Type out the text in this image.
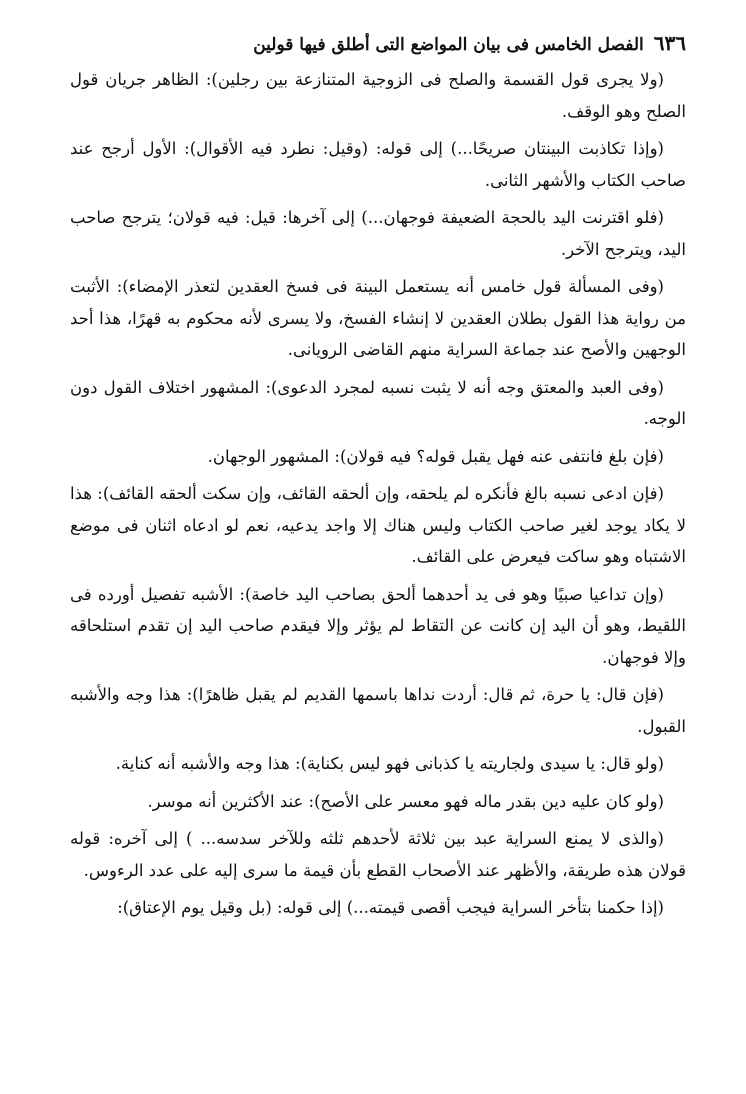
٦٣٦
الفصل الخامس فى بيان المواضع التى أطلق فيها قولين

(ولا يجرى قول القسمة والصلح فى الزوجية المتنازعة بين رجلين): الظاهر جريان قول الصلح وهو الوقف.

(وإذا تكاذبت البينتان صريحًا...) إلى قوله: (وقيل: نطرد فيه الأقوال): الأول أرجح عند صاحب الكتاب والأشهر الثانى.

(فلو اقترنت اليد بالحجة الضعيفة فوجهان...) إلى آخرها: قيل: فيه قولان؛ يترجح صاحب اليد، ويترجح الآخر.

(وفى المسألة قول خامس أنه يستعمل البينة فى فسخ العقدين لتعذر الإمضاء): الأثبت من رواية هذا القول بطلان العقدين لا إنشاء الفسخ، ولا يسرى لأنه محكوم به قهرًا، هذا أحد الوجهين والأصح عند جماعة السراية منهم القاضى الرويانى.

(وفى العبد والمعتق وجه أنه لا يثبت نسبه لمجرد الدعوى): المشهور اختلاف القول دون الوجه.

(فإن بلغ فانتفى عنه فهل يقبل قوله؟ فيه قولان): المشهور الوجهان.

(فإن ادعى نسبه بالغ فأنكره لم يلحقه، وإن ألحقه القائف، وإن سكت ألحقه القائف): هذا لا يكاد يوجد لغير صاحب الكتاب وليس هناك إلا واجد يدعيه، نعم لو ادعاه اثنان فى موضع الاشتباه وهو ساكت فيعرض على القائف.

(وإن تداعيا صبيًا وهو فى يد أحدهما ألحق بصاحب اليد خاصة): الأشبه تفصيل أورده فى اللقيط، وهو أن اليد إن كانت عن التقاط لم يؤثر وإلا فيقدم صاحب اليد إن تقدم استلحاقه وإلا فوجهان.

(فإن قال: يا حرة، ثم قال: أردت نداها باسمها القديم لم يقبل ظاهرًا): هذا وجه والأشبه القبول.

(ولو قال: يا سيدى ولجاريته يا كذبانى فهو ليس بكناية): هذا وجه والأشبه أنه كناية.

(ولو كان عليه دين بقدر ماله فهو معسر على الأصح): عند الأكثرين أنه موسر.

(والذى لا يمنع السراية عبد بين ثلاثة لأحدهم ثلثه وللآخر سدسه... ) إلى آخره: قوله قولان هذه طريقة، والأظهر عند الأصحاب القطع بأن قيمة ما سرى إليه على عدد الرءوس.

(إذا حكمنا بتأخر السراية فيجب أقصى قيمته...) إلى قوله: (بل وقيل يوم الإعتاق):
